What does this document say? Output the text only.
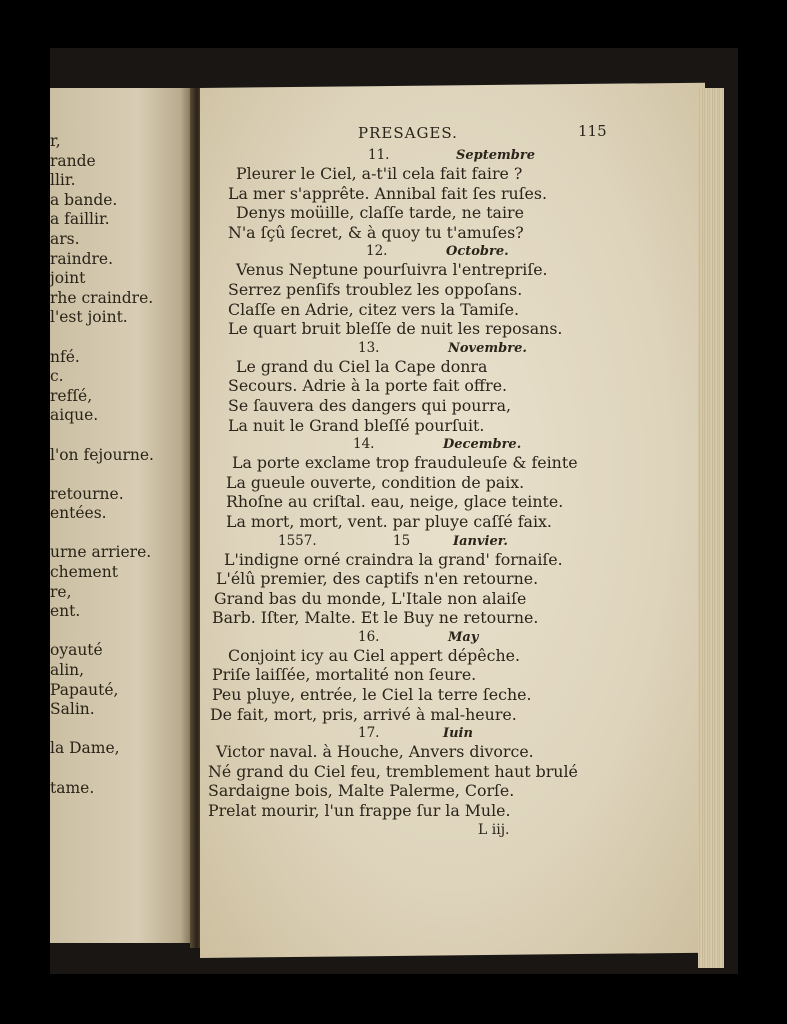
r,
rande
llir.
a bande.
a faillir.
ars.
raindre.
joint
rhe craindre.
l'est joint.
nfé.
c.
refſé,
aique.
l'on fejourne.
retourne.
entées.
urne arriere.
chement
re,
ent.
oyauté
alin,
Papauté,
Salin.
la Dame,
tame.
PRESAGES.	115
11.	Septembre
Pleurer le Ciel, a-t'il cela fait faire ?
La mer s'apprête. Annibal fait ſes ruſes.
Denys moüille, claſſe tarde, ne taire
N'a ſçû ſecret, & à quoy tu t'amuſes?
12.	Octobre.
Venus Neptune pourſuivra l'entrepriſe.
Serrez penſifs troublez les oppoſans.
Claſſe en Adrie, citez vers la Tamiſe.
Le quart bruit bleſſe de nuit les reposans.
13.	Novembre.
Le grand du Ciel la Cape donra
Secours. Adrie à la porte fait offre.
Se ſauvera des dangers qui pourra,
La nuit le Grand bleſſé pourſuit.
14.	Decembre.
La porte exclame trop frauduleuſe & feinte
La gueule ouverte, condition de paix.
Rhoſne au criſtal. eau, neige, glace teinte.
La mort, mort, vent. par pluye caſſé faix.
1557.	15	Ianvier.
L'indigne orné craindra la grand' fornaiſe.
L'élû premier, des captifs n'en retourne.
Grand bas du monde, L'Itale non alaiſe
Barb. Iſter, Malte. Et le Buy ne retourne.
16.	May
Conjoint icy au Ciel appert dépêche.
Priſe laiſſée, mortalité non ſeure.
Peu pluye, entrée, le Ciel la terre ſeche.
De fait, mort, pris, arrivé à mal-heure.
17.	Iuin
Victor naval. à Houche, Anvers divorce.
Né grand du Ciel feu, tremblement haut brulé
Sardaigne bois, Malte Palerme, Corſe.
Prelat mourir, l'un frappe ſur la Mule.
L iij.
